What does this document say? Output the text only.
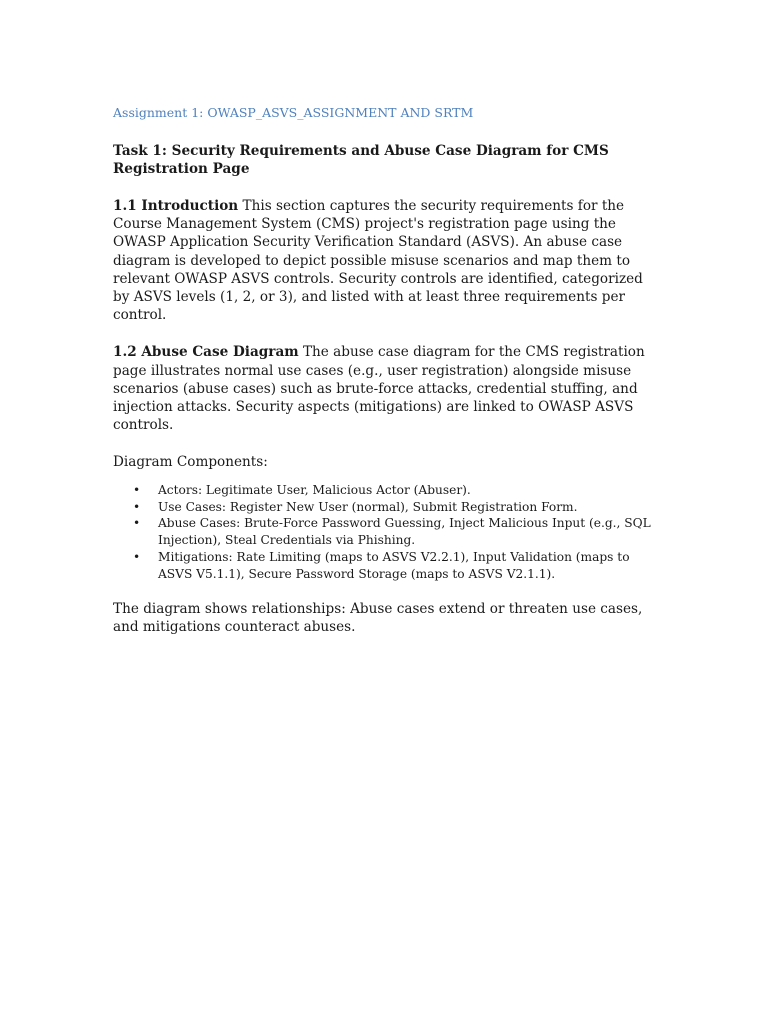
Assignment 1: OWASP_ASVS_ASSIGNMENT AND SRTM
Task 1: Security Requirements and Abuse Case Diagram for CMS Registration Page

1.1 Introduction This section captures the security requirements for the Course Management System (CMS) project's registration page using the OWASP Application Security Verification Standard (ASVS). An abuse case diagram is developed to depict possible misuse scenarios and map them to relevant OWASP ASVS controls. Security controls are identified, categorized by ASVS levels (1, 2, or 3), and listed with at least three requirements per control.

1.2 Abuse Case Diagram The abuse case diagram for the CMS registration page illustrates normal use cases (e.g., user registration) alongside misuse scenarios (abuse cases) such as brute-force attacks, credential stuffing, and injection attacks. Security aspects (mitigations) are linked to OWASP ASVS controls.

Diagram Components:

• Actors: Legitimate User, Malicious Actor (Abuser).
• Use Cases: Register New User (normal), Submit Registration Form.
• Abuse Cases: Brute-Force Password Guessing, Inject Malicious Input (e.g., SQL Injection), Steal Credentials via Phishing.
• Mitigations: Rate Limiting (maps to ASVS V2.2.1), Input Validation (maps to ASVS V5.1.1), Secure Password Storage (maps to ASVS V2.1.1).

The diagram shows relationships: Abuse cases extend or threaten use cases, and mitigations counteract abuses.
